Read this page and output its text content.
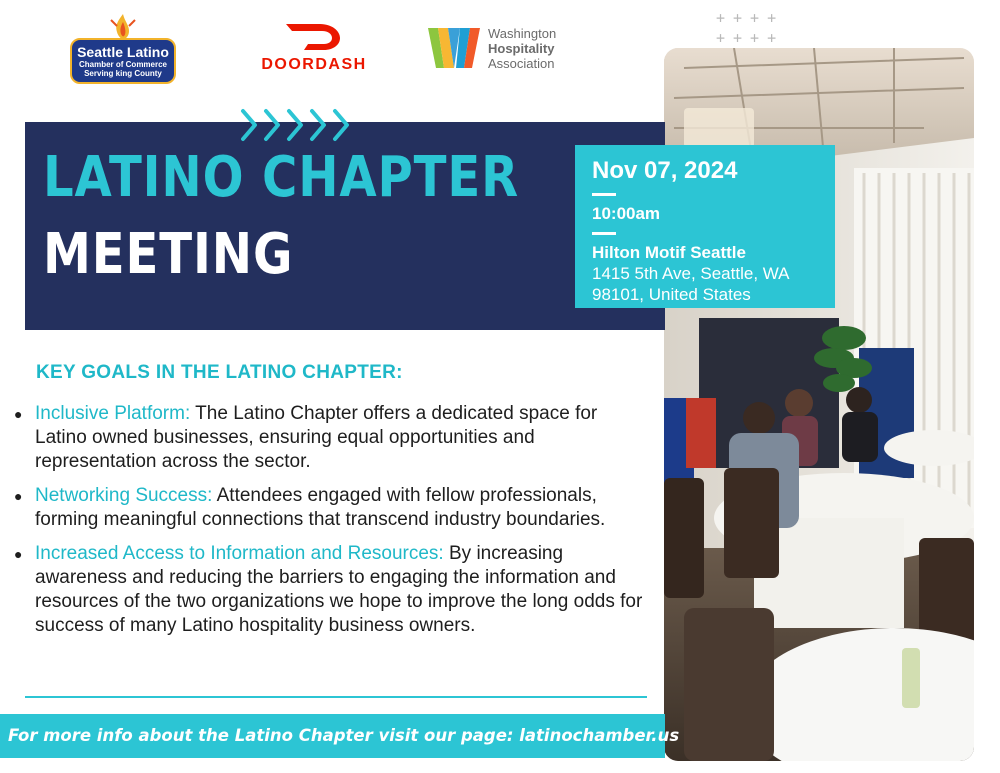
Seattle Latino
Chamber of Commerce
Serving king County
DOORDASH
Washington
Hospitality
Association
++++
++++
LATINO CHAPTER
MEETING
Nov 07, 2024
10:00am
Hilton Motif Seattle
1415 5th Ave, Seattle, WA
98101, United States
KEY GOALS IN THE LATINO CHAPTER:
● Inclusive Platform: The Latino Chapter offers a dedicated space for Latino owned businesses, ensuring equal opportunities and representation across the sector.
● Networking Success: Attendees engaged with fellow professionals, forming meaningful connections that transcend industry boundaries.
● Increased Access to Information and Resources: By increasing awareness and reducing the barriers to engaging the information and resources of the two organizations we hope to improve the long odds for success of many Latino hospitality business owners.
For more info about the Latino Chapter visit our page: latinochamber.us
